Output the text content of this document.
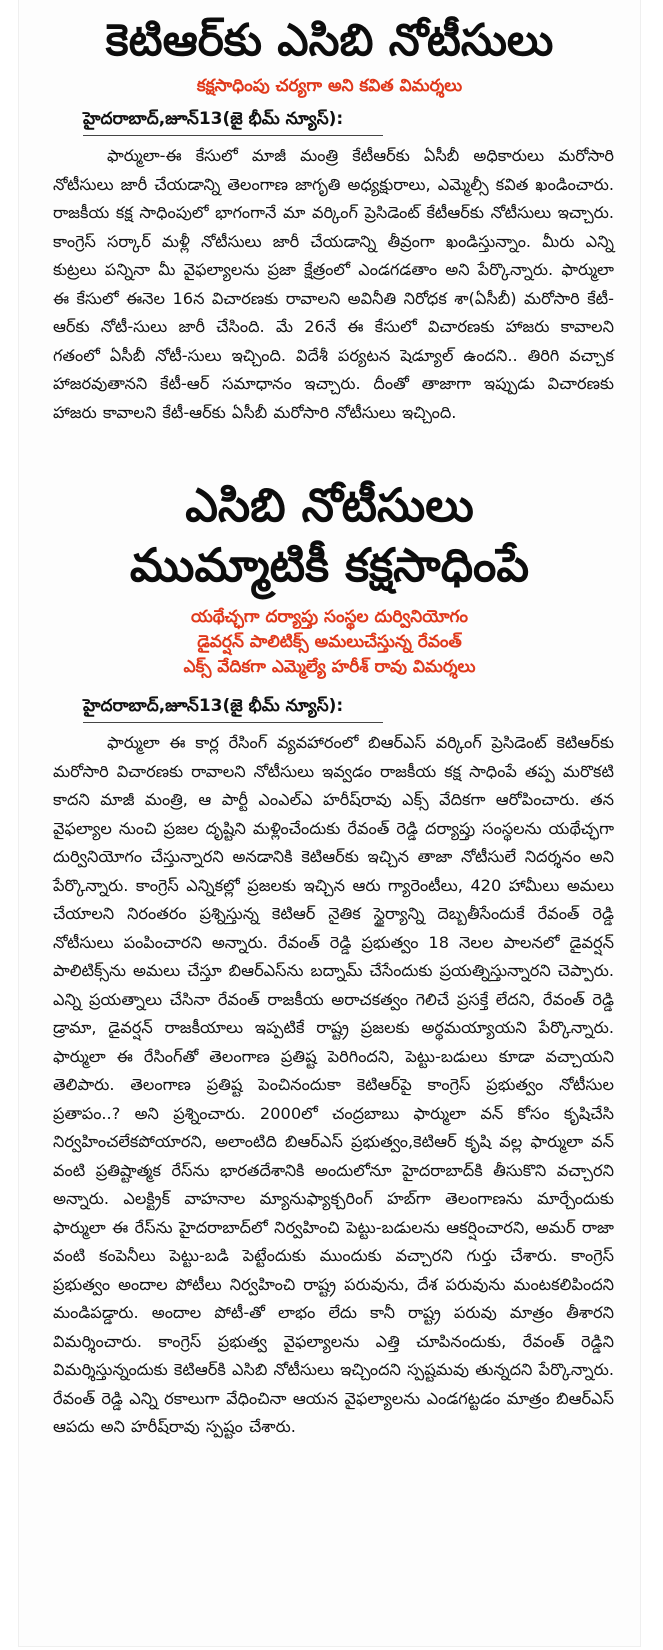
కెటిఆర్‌కు ఎసిబి నోటీసులు

కక్షసాధింపు చర్యగా అని కవిత విమర్శలు

హైదరాబాద్,జూన్13(జై భీమ్ న్యూస్):

ఫార్ములా-ఈ కేసులో మాజీ మంత్రి కేటీఆర్‌కు ఏసీబీ అధికారులు మరోసారి నోటీసులు జారీ చేయడాన్ని తెలంగాణ జాగృతి అధ్యక్షురాలు, ఎమ్మెల్సీ కవిత ఖండించారు. రాజకీయ కక్ష సాధింపులో భాగంగానే మా వర్కింగ్ ప్రెసిడెంట్ కేటీఆర్‌కు నోటీసులు ఇచ్చారు. కాంగ్రెస్ సర్కార్ మళ్లీ నోటీసులు జారీ చేయడాన్ని తీవ్రంగా ఖండిస్తున్నాం. మీరు ఎన్ని కుట్రలు పన్నినా మీ వైఫల్యాలను ప్రజా క్షేత్రంలో ఎండగడతాం అని పేర్కొన్నారు. ఫార్ములా ఈ కేసులో ఈనెల 16న విచారణకు రావాలని అవినీతి నిరోధక శా(ఏసీబీ) మరోసారి కేటీ-ఆర్‌కు నోటీ-సులు జారీ చేసింది. మే 26నే ఈ కేసులో విచారణకు హాజరు కావాలని గతంలో ఏసీబీ నోటీ-సులు ఇచ్చింది. విదేశీ పర్యటన షెడ్యూల్ ఉందని.. తిరిగి వచ్చాక హాజరవుతానని కేటీ-ఆర్ సమాధానం ఇచ్చారు. దీంతో తాజాగా ఇప్పుడు విచారణకు హాజరు కావాలని కేటీ-ఆర్‌కు ఏసీబీ మరోసారి నోటీసులు ఇచ్చింది.

ఎసిబి నోటీసులు
ముమ్మాటికీ కక్షసాధింపే

యథేచ్ఛగా దర్యాప్తు సంస్థల దుర్వినియోగం

డైవర్షన్ పాలిటిక్స్ అమలుచేస్తున్న రేవంత్

ఎక్స్ వేదికగా ఎమ్మెల్యే హరీశ్ రావు విమర్శలు

హైదరాబాద్,జూన్13(జై భీమ్ న్యూస్):

ఫార్ములా ఈ కార్ల రేసింగ్ వ్యవహారంలో బిఆర్‌ఎస్ వర్కింగ్ ప్రెసిడెంట్ కెటిఆర్‌కు మరోసారి విచారణకు రావాలని నోటీసులు ఇవ్వడం రాజకీయ కక్ష సాధింపే తప్ప మరొకటి కాదని మాజీ మంత్రి, ఆ పార్టీ ఎంఎల్‌ఎ హరీష్‌రావు ఎక్స్ వేదికగా ఆరోపించారు. తన వైఫల్యాల నుంచి ప్రజల దృష్టిని మళ్లించేందుకు రేవంత్ రెడ్డి దర్యాప్తు సంస్థలను యథేచ్ఛగా దుర్వినియోగం చేస్తున్నారని అనడానికి కెటిఆర్‌కు ఇచ్చిన తాజా నోటీసులే నిదర్శనం అని పేర్కొన్నారు. కాంగ్రెస్ ఎన్నికల్లో ప్రజలకు ఇచ్చిన ఆరు గ్యారెంటీలు, 420 హామీలు అమలు చేయాలని నిరంతరం ప్రశ్నిస్తున్న కెటిఆర్ నైతిక స్థైర్యాన్ని దెబ్బతీసేందుకే రేవంత్ రెడ్డి నోటీసులు పంపించారని అన్నారు. రేవంత్ రెడ్డి ప్రభుత్వం 18 నెలల పాలనలో డైవర్షన్ పాలిటిక్స్‌ను అమలు చేస్తూ బిఆర్‌ఎస్‌ను బద్నామ్ చేసేందుకు ప్రయత్నిస్తున్నారని చెప్పారు. ఎన్ని ప్రయత్నాలు చేసినా రేవంత్ రాజకీయ అరాచకత్వం గెలిచే ప్రసక్తే లేదని, రేవంత్ రెడ్డి డ్రామా, డైవర్షన్ రాజకీయాలు ఇప్పటికే రాష్ట్ర ప్రజలకు అర్థమయ్యాయని పేర్కొన్నారు. ఫార్ములా ఈ రేసింగ్‌తో తెలంగాణ ప్రతిష్ట పెరిగిందని, పెట్టు-బడులు కూడా వచ్చాయని తెలిపారు. తెలంగాణ ప్రతిష్ట పెంచినందుకా కెటిఆర్‌పై కాంగ్రెస్ ప్రభుత్వం నోటీసుల ప్రతాపం..? అని ప్రశ్నించారు. 2000లో చంద్రబాబు ఫార్ములా వన్ కోసం కృషిచేసి నిర్వహించలేకపోయారని, అలాంటిది బిఆర్‌ఎస్ ప్రభుత్వం,కెటిఆర్ కృషి వల్ల ఫార్ములా వన్ వంటి ప్రతిష్టాత్మక రేస్‌ను భారతదేశానికి అందులోనూ హైదరాబాద్‌కి తీసుకొని వచ్చారని అన్నారు. ఎలక్ట్రిక్ వాహనాల మ్యానుఫ్యాక్చరింగ్ హబ్‌గా తెలంగాణను మార్చేందుకు ఫార్ములా ఈ రేస్‌ను హైదరాబాద్‌లో నిర్వహించి పెట్టు-బడులను ఆకర్షించారని, అమర్ రాజా వంటి కంపెనీలు పెట్టు-బడి పెట్టేందుకు ముందుకు వచ్చారని గుర్తు చేశారు. కాంగ్రెస్ ప్రభుత్వం అందాల పోటీలు నిర్వహించి రాష్ట్ర పరువును, దేశ పరువును మంటకలిపిందని మండిపడ్డారు. అందాల పోటీ-తో లాభం లేదు కానీ రాష్ట్ర పరువు మాత్రం తీశారని విమర్శించారు. కాంగ్రెస్ ప్రభుత్వ వైఫల్యాలను ఎత్తి చూపినందుకు, రేవంత్ రెడ్డిని విమర్శిస్తున్నందుకు కెటిఆర్‌కి ఎసిబి నోటీసులు ఇచ్చిందని స్పష్టమవు తున్నదని పేర్కొన్నారు. రేవంత్ రెడ్డి ఎన్ని రకాలుగా వేధించినా ఆయన వైఫల్యాలను ఎండగట్టడం మాత్రం బిఆర్‌ఎస్ ఆపదు అని హరీష్‌రావు స్పష్టం చేశారు.
